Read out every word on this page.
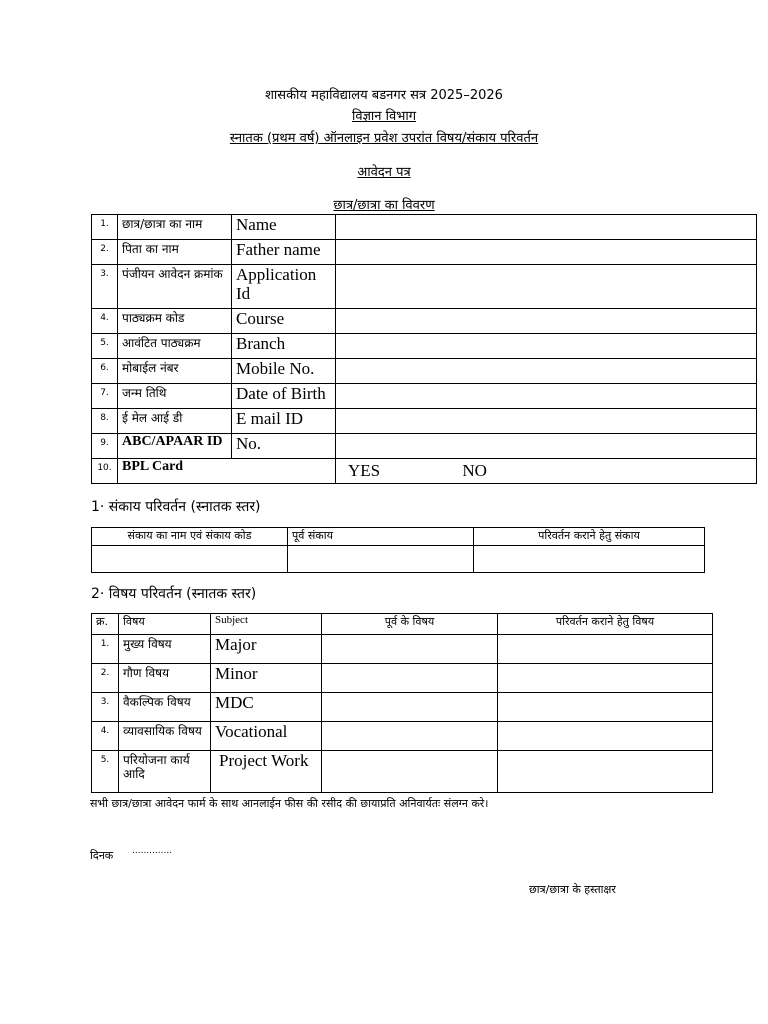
शासकीय महाविद्यालय बडनगर सत्र 2025–2026
विज्ञान विभाग
स्नातक (प्रथम वर्ष) ऑनलाइन प्रवेश उपरांत विषय/संकाय परिवर्तन
आवेदन पत्र
छात्र/छात्रा का विवरण
1.	छात्र/छात्रा का नाम	Name	
2.	पिता का नाम	Father name	
3.	पंजीयन आवेदन क्रमांक	Application Id	
4.	पाठ्यक्रम कोड	Course	
5.	आवंटित पाठ्यक्रम	Branch	
6.	मोबाईल नंबर	Mobile No.	
7.	जन्म तिथि	Date of Birth	
8.	ई मेल आई डी	E mail ID	
9.	ABC/APAAR ID	No.	
10.	BPL Card		YES NO
1· संकाय परिवर्तन (स्नातक स्तर)
संकाय का नाम एवं संकाय कोड	पूर्व संकाय	परिवर्तन कराने हेतु संकाय

2· विषय परिवर्तन (स्नातक स्तर)
क्र.	विषय	Subject	पूर्व के विषय	परिवर्तन कराने हेतु विषय
1.	मुख्य विषय	Major		
2.	गौण विषय	Minor		
3.	वैकल्पिक विषय	MDC		
4.	व्यावसायिक विषय	Vocational		
5.	परियोजना कार्य आदि	Project Work		
सभी छात्र/छात्रा आवेदन फार्म के साथ आनलाईन फीस की रसीद की छायाप्रति अनिवार्यतः संलग्न करे।
दिनक ..............
छात्र/छात्रा के हस्ताक्षर
